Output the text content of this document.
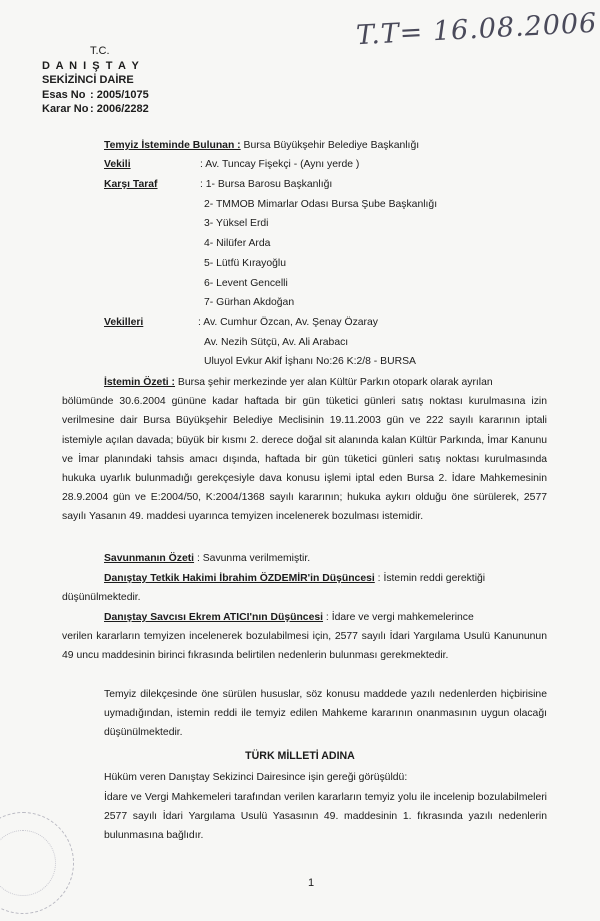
T.T= 16.08.2006
T.C.
D A N I Ş T A Y
SEKİZİNCİ DAİRE
Esas No : 2005/1075
Karar No : 2006/2282
Temyiz İsteminde Bulunan : Bursa Büyükşehir Belediye Başkanlığı
Vekili	: Av. Tuncay Fişekçi - (Aynı yerde )
Karşı Taraf	: 1- Bursa Barosu Başkanlığı
2- TMMOB Mimarlar Odası Bursa Şube Başkanlığı
3- Yüksel Erdi
4- Nilüfer Arda
5- Lütfü Kırayoğlu
6- Levent Gencelli
7- Gürhan Akdoğan
Vekilleri	: Av. Cumhur Özcan, Av. Şenay Özaray
Av. Nezih Sütçü, Av. Ali Arabacı
Uluyol Evkur Akif İşhanı No:26 K:2/8 - BURSA
İstemin Özeti : Bursa şehir merkezinde yer alan Kültür Parkın otopark olarak ayrılan
bölümünde 30.6.2004 gününe kadar haftada bir gün tüketici günleri satış noktası kurulmasına izin verilmesine dair Bursa Büyükşehir Belediye Meclisinin 19.11.2003 gün ve 222 sayılı kararının iptali istemiyle açılan davada; büyük bir kısmı 2. derece doğal sit alanında kalan Kültür Parkında, İmar Kanunu ve İmar planındaki tahsis amacı dışında, haftada bir gün tüketici günleri satış noktası kurulmasında hukuka uyarlık bulunmadığı gerekçesiyle dava konusu işlemi iptal eden Bursa 2. İdare Mahkemesinin 28.9.2004 gün ve E:2004/50, K:2004/1368 sayılı kararının; hukuka aykırı olduğu öne sürülerek, 2577 sayılı Yasanın 49. maddesi uyarınca temyizen incelenerek bozulması istemidir.
Savunmanın Özeti : Savunma verilmemiştir.
Danıştay Tetkik Hakimi İbrahim ÖZDEMİR'in Düşüncesi : İstemin reddi gerektiği
düşünülmektedir.
Danıştay Savcısı Ekrem ATICI'nın Düşüncesi : İdare ve vergi mahkemelerince
verilen kararların temyizen incelenerek bozulabilmesi için, 2577 sayılı İdari Yargılama Usulü Kanununun 49 uncu maddesinin birinci fıkrasında belirtilen nedenlerin bulunması gerekmektedir.
Temyiz dilekçesinde öne sürülen hususlar, söz konusu maddede yazılı nedenlerden hiçbirisine uymadığından, istemin reddi ile temyiz edilen Mahkeme kararının onanmasının uygun olacağı düşünülmektedir.
TÜRK MİLLETİ ADINA
Hüküm veren Danıştay Sekizinci Dairesince işin gereği görüşüldü:
İdare ve Vergi Mahkemeleri tarafından verilen kararların temyiz yolu ile incelenip bozulabilmeleri 2577 sayılı İdari Yargılama Usulü Yasasının 49. maddesinin 1. fıkrasında yazılı nedenlerin bulunmasına bağlıdır.
1
